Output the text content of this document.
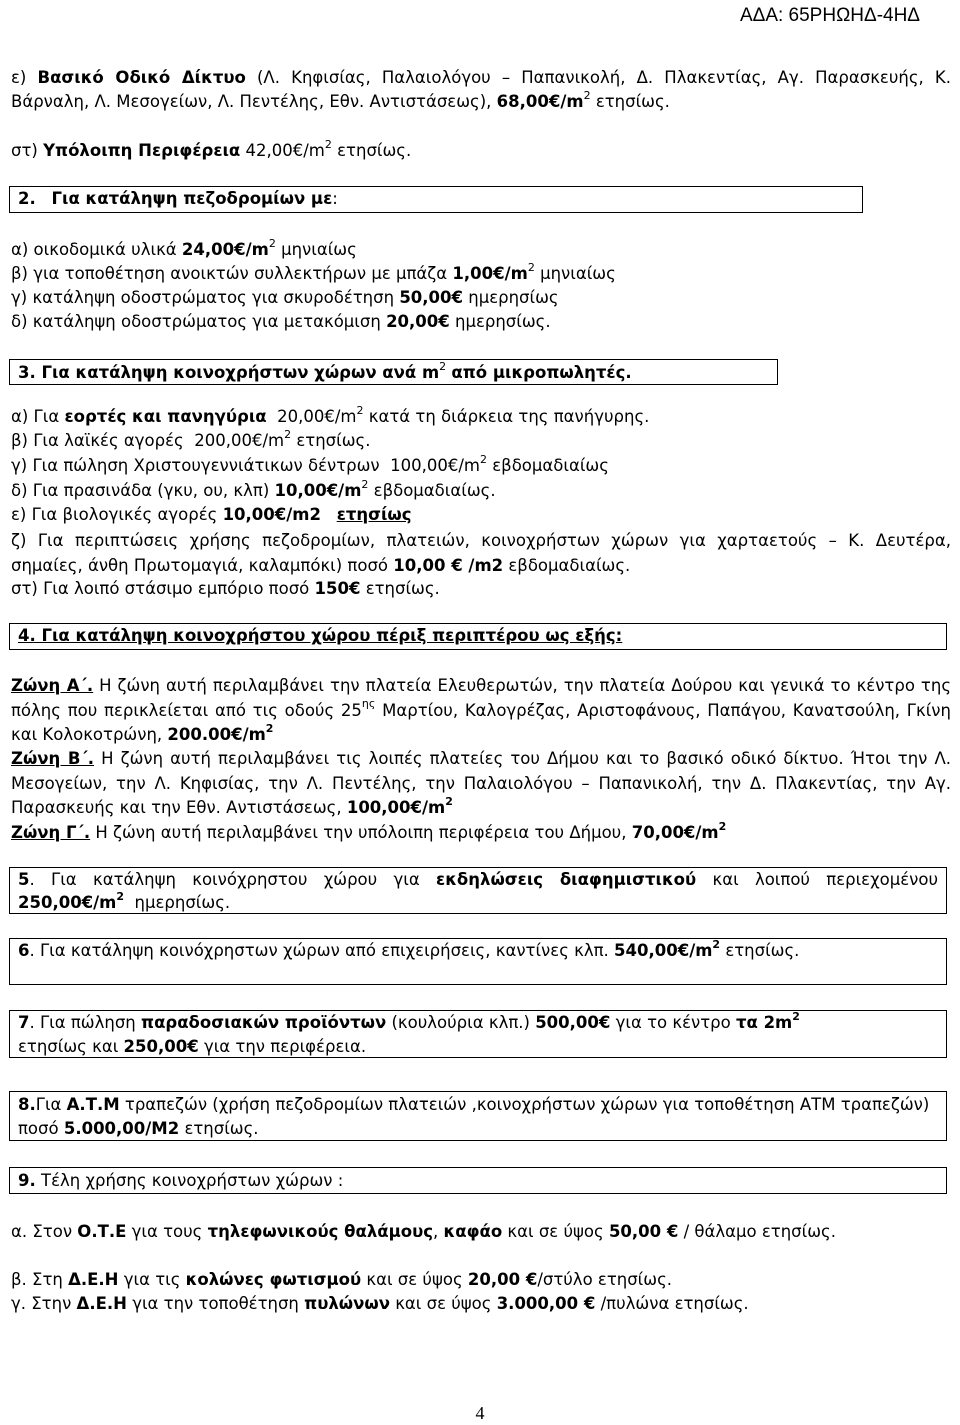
ΑΔΑ: 65ΡΗΩΗΔ-4ΗΔ
ε) Βασικό Οδικό Δίκτυο (Λ. Κηφισίας, Παλαιολόγου – Παπανικολή, Δ. Πλακεντίας, Αγ. Παρασκευής, Κ. Βάρναλη, Λ. Μεσογείων, Λ. Πεντέλης, Εθν. Αντιστάσεως), $68,00€/m^2$ ετησίως.
στ) Υπόλοιπη Περιφέρεια $42,00€/m^2$ ετησίως.
2. Για κατάληψη πεζοδρομίων με:
α) οικοδομικά υλικά $24,00€/m^2$ μηνιαίως
β) για τοποθέτηση ανοικτών συλλεκτήρων με μπάζα $1,00€/m^2$ μηνιαίως
γ) κατάληψη οδοστρώματος για σκυροδέτηση 50,00€ ημερησίως
δ) κατάληψη οδοστρώματος για μετακόμιση 20,00€ ημερησίως.
3. Για κατάληψη κοινοχρήστων χώρων ανά $m^2$ από μικροπωλητές.
α) Για εορτές και πανηγύρια $20,00€/m^2$ κατά τη διάρκεια της πανήγυρης.
β) Για λαϊκές αγορές $200,00€/m^2$ ετησίως.
γ) Για πώληση Χριστουγεννιάτικων δέντρων $100,00€/m^2$ εβδομαδιαίως
δ) Για πρασινάδα (γκυ, ου, κλπ) $10,00€/m^2$ εβδομαδιαίως.
ε) Για βιολογικές αγορές 10,00€/m2 ετησίως
ζ) Για περιπτώσεις χρήσης πεζοδρομίων, πλατειών, κοινοχρήστων χώρων για χαρταετούς – Κ. Δευτέρα, σημαίες, άνθη Πρωτομαγιά, καλαμπόκι) ποσό 10,00 € /m2 εβδομαδιαίως.
στ) Για λοιπό στάσιμο εμπόριο ποσό 150€ ετησίως.
4. Για κατάληψη κοινοχρήστου χώρου πέριξ περιπτέρου ως εξής:
Ζώνη Α΄. Η ζώνη αυτή περιλαμβάνει την πλατεία Ελευθερωτών, την πλατεία Δούρου και γενικά το κέντρο της πόλης που περικλείεται από τις οδούς $25^{\eta\varsigma}$ Μαρτίου, Καλογρέζας, Αριστοφάνους, Παπάγου, Κανατσούλη, Γκίνη και Κολοκοτρώνη, $200.00€/m^2$
Ζώνη Β΄. Η ζώνη αυτή περιλαμβάνει τις λοιπές πλατείες του Δήμου και το βασικό οδικό δίκτυο. Ήτοι την Λ. Μεσογείων, την Λ. Κηφισίας, την Λ. Πεντέλης, την Παλαιολόγου – Παπανικολή, την Δ. Πλακεντίας, την Αγ. Παρασκευής και την Εθν. Αντιστάσεως, $100,00€/m^2$
Ζώνη Γ΄. Η ζώνη αυτή περιλαμβάνει την υπόλοιπη περιφέρεια του Δήμου, $70,00€/m^2$
5. Για κατάληψη κοινόχρηστου χώρου για εκδηλώσεις διαφημιστικού και λοιπού περιεχομένου $250,00€/m^2$ ημερησίως.
6. Για κατάληψη κοινόχρηστων χώρων από επιχειρήσεις, καντίνες κλπ. $540,00€/m^2$ ετησίως.
7. Για πώληση παραδοσιακών προϊόντων (κουλούρια κλπ.) 500,00€ για το κέντρο τα $2m^2$
ετησίως και 250,00€ για την περιφέρεια.
8.Για Α.Τ.Μ τραπεζών (χρήση πεζοδρομίων πλατειών ,κοινοχρήστων χώρων για τοποθέτηση ΑΤΜ τραπεζών) ποσό 5.000,00/Μ2 ετησίως.
9. Τέλη χρήσης κοινοχρήστων χώρων :
α. Στον Ο.Τ.Ε για τους τηλεφωνικούς θαλάμους, καφάο και σε ύψος 50,00 € / θάλαμο ετησίως.
β. Στη Δ.Ε.Η για τις κολώνες φωτισμού και σε ύψος 20,00 €/στύλο ετησίως.
γ. Στην Δ.Ε.Η για την τοποθέτηση πυλώνων και σε ύψος 3.000,00 € /πυλώνα ετησίως.
4
